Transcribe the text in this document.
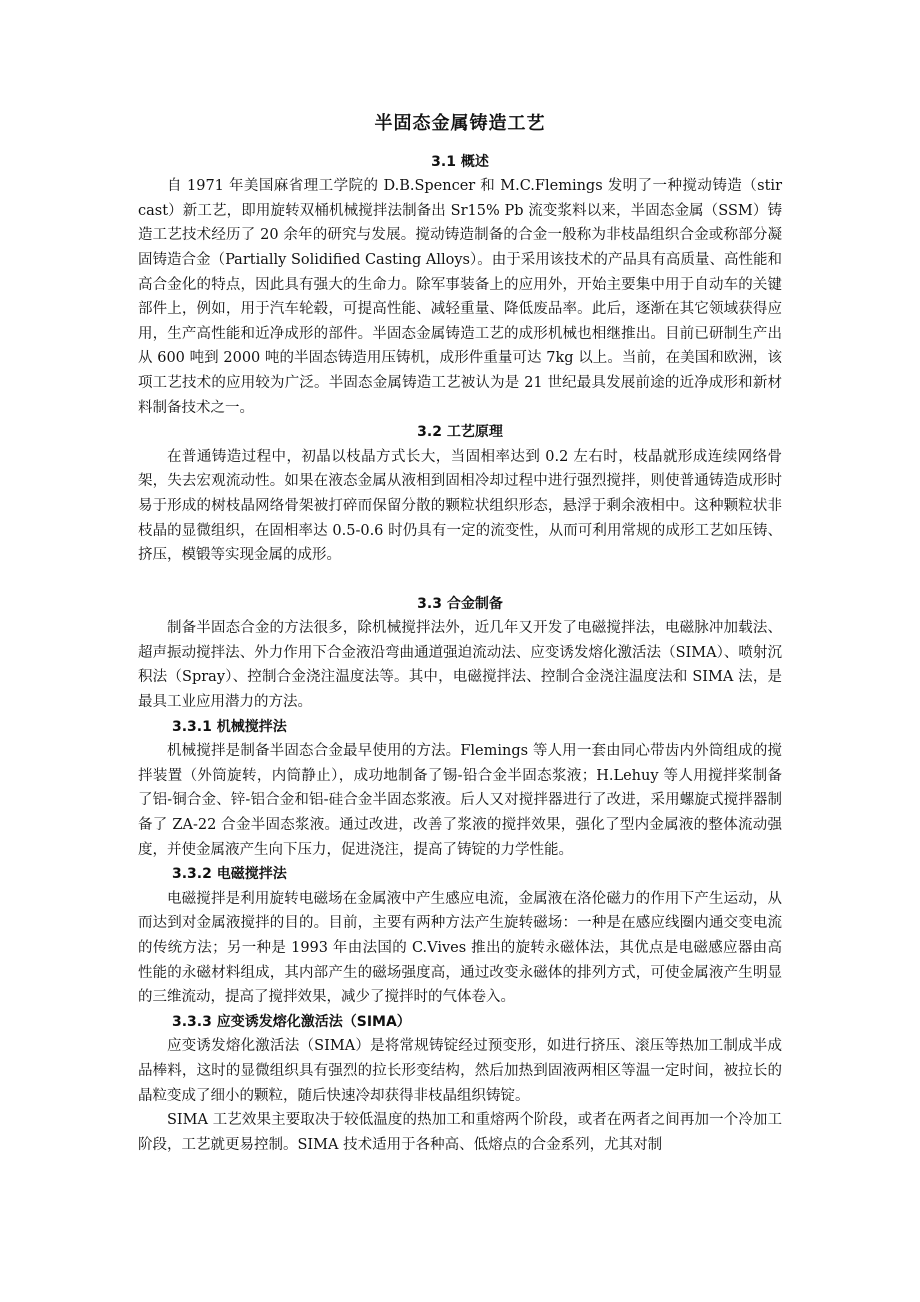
半固态金属铸造工艺
3.1 概述

自 1971 年美国麻省理工学院的 D.B.Spencer 和 M.C.Flemings 发明了一种搅动铸造（stir cast）新工艺，即用旋转双桶机械搅拌法制备出 Sr15% Pb 流变浆料以来，半固态金属（SSM）铸造工艺技术经历了 20 余年的研究与发展。搅动铸造制备的合金一般称为非枝晶组织合金或称部分凝固铸造合金（Partially Solidified Casting Alloys）。由于采用该技术的产品具有高质量、高性能和高合金化的特点，因此具有强大的生命力。除军事装备上的应用外，开始主要集中用于自动车的关键部件上，例如，用于汽车轮毂，可提高性能、减轻重量、降低废品率。此后，逐渐在其它领域获得应用，生产高性能和近净成形的部件。半固态金属铸造工艺的成形机械也相继推出。目前已研制生产出从 600 吨到 2000 吨的半固态铸造用压铸机，成形件重量可达 7kg 以上。当前，在美国和欧洲，该项工艺技术的应用较为广泛。半固态金属铸造工艺被认为是 21 世纪最具发展前途的近净成形和新材料制备技术之一。

3.2 工艺原理

在普通铸造过程中，初晶以枝晶方式长大，当固相率达到 0.2 左右时，枝晶就形成连续网络骨架，失去宏观流动性。如果在液态金属从液相到固相冷却过程中进行强烈搅拌，则使普通铸造成形时易于形成的树枝晶网络骨架被打碎而保留分散的颗粒状组织形态，悬浮于剩余液相中。这种颗粒状非枝晶的显微组织，在固相率达 0.5-0.6 时仍具有一定的流变性，从而可利用常规的成形工艺如压铸、挤压，模锻等实现金属的成形。

3.3 合金制备

制备半固态合金的方法很多，除机械搅拌法外，近几年又开发了电磁搅拌法，电磁脉冲加载法、超声振动搅拌法、外力作用下合金液沿弯曲通道强迫流动法、应变诱发熔化激活法（SIMA）、喷射沉积法（Spray）、控制合金浇注温度法等。其中，电磁搅拌法、控制合金浇注温度法和 SIMA 法，是最具工业应用潜力的方法。

3.3.1 机械搅拌法

机械搅拌是制备半固态合金最早使用的方法。Flemings 等人用一套由同心带齿内外筒组成的搅拌装置（外筒旋转，内筒静止），成功地制备了锡-铅合金半固态浆液；H.Lehuy 等人用搅拌桨制备了铝-铜合金、锌-铝合金和铝-硅合金半固态浆液。后人又对搅拌器进行了改进，采用螺旋式搅拌器制备了 ZA-22 合金半固态浆液。通过改进，改善了浆液的搅拌效果，强化了型内金属液的整体流动强度，并使金属液产生向下压力，促进浇注，提高了铸锭的力学性能。

3.3.2 电磁搅拌法

电磁搅拌是利用旋转电磁场在金属液中产生感应电流，金属液在洛伦磁力的作用下产生运动，从而达到对金属液搅拌的目的。目前，主要有两种方法产生旋转磁场：一种是在感应线圈内通交变电流的传统方法；另一种是 1993 年由法国的 C.Vives 推出的旋转永磁体法，其优点是电磁感应器由高性能的永磁材料组成，其内部产生的磁场强度高，通过改变永磁体的排列方式，可使金属液产生明显的三维流动，提高了搅拌效果，减少了搅拌时的气体卷入。

3.3.3 应变诱发熔化激活法（SIMA）

应变诱发熔化激活法（SIMA）是将常规铸锭经过预变形，如进行挤压、滚压等热加工制成半成品棒料，这时的显微组织具有强烈的拉长形变结构，然后加热到固液两相区等温一定时间，被拉长的晶粒变成了细小的颗粒，随后快速冷却获得非枝晶组织铸锭。

SIMA 工艺效果主要取决于较低温度的热加工和重熔两个阶段，或者在两者之间再加一个冷加工阶段，工艺就更易控制。SIMA 技术适用于各种高、低熔点的合金系列，尤其对制
